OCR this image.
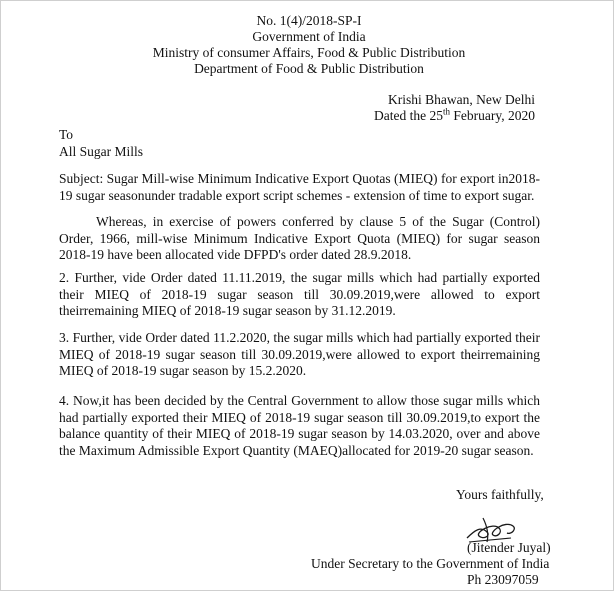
No. 1(4)/2018-SP-I
Government of India
Ministry of consumer Affairs, Food & Public Distribution
Department of Food & Public Distribution
Krishi Bhawan, New Delhi
Dated the 25th February, 2020
To
All Sugar Mills
Subject: Sugar Mill-wise Minimum Indicative Export Quotas (MIEQ) for export in2018-
19 sugar seasonunder tradable export script schemes - extension of time to export sugar.
Whereas, in exercise of powers conferred by clause 5 of the Sugar (Control)
Order, 1966, mill-wise Minimum Indicative Export Quota (MIEQ) for sugar season
2018-19 have been allocated vide DFPD's order dated 28.9.2018.
2. Further, vide Order dated 11.11.2019, the sugar mills which had partially exported
their MIEQ of 2018-19 sugar season till 30.09.2019,were allowed to export
theirremaining MIEQ of 2018-19 sugar season by 31.12.2019.
3. Further, vide Order dated 11.2.2020, the sugar mills which had partially exported their
MIEQ of 2018-19 sugar season till 30.09.2019,were allowed to export theirremaining
MIEQ of 2018-19 sugar season by 15.2.2020.
4. Now,it has been decided by the Central Government to allow those sugar mills which
had partially exported their MIEQ of 2018-19 sugar season till 30.09.2019,to export the
balance quantity of their MIEQ of 2018-19 sugar season by 14.03.2020, over and above
the Maximum Admissible Export Quantity (MAEQ)allocated for 2019-20 sugar season.
Yours faithfully,
(Jitender Juyal)
Under Secretary to the Government of India
Ph 23097059
